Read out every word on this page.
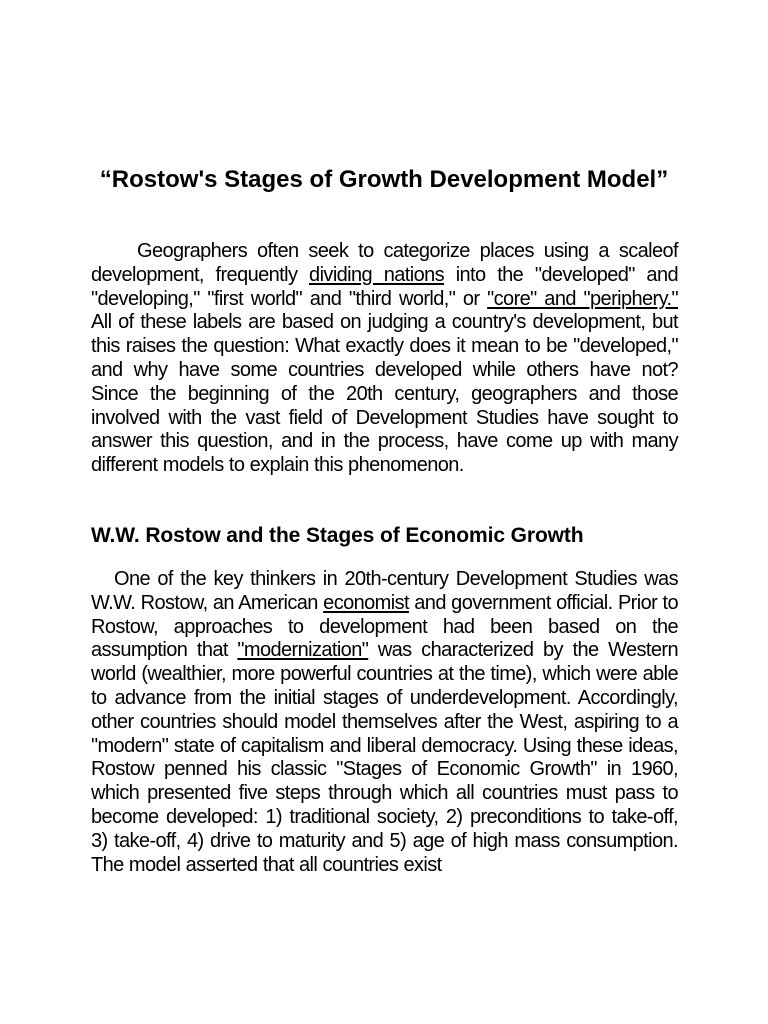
“Rostow's Stages of Growth Development Model”

Geographers often seek to categorize places using a scaleof development, frequently dividing nations into the "developed" and "developing," "first world" and "third world," or "core" and "periphery." All of these labels are based on judging a country's development, but this raises the question: What exactly does it mean to be "developed," and why have some countries developed while others have not? Since the beginning of the 20th century, geographers and those involved with the vast field of Development Studies have sought to answer this question, and in the process, have come up with many different models to explain this phenomenon.

W.W. Rostow and the Stages of Economic Growth

One of the key thinkers in 20th-century Development Studies was W.W. Rostow, an American economist and government official. Prior to Rostow, approaches to development had been based on the assumption that "modernization" was characterized by the Western world (wealthier, more powerful countries at the time), which were able to advance from the initial stages of underdevelopment. Accordingly, other countries should model themselves after the West, aspiring to a "modern" state of capitalism and liberal democracy. Using these ideas, Rostow penned his classic "Stages of Economic Growth" in 1960, which presented five steps through which all countries must pass to become developed: 1) traditional society, 2) preconditions to take-off, 3) take-off, 4) drive to maturity and 5) age of high mass consumption. The model asserted that all countries exist
